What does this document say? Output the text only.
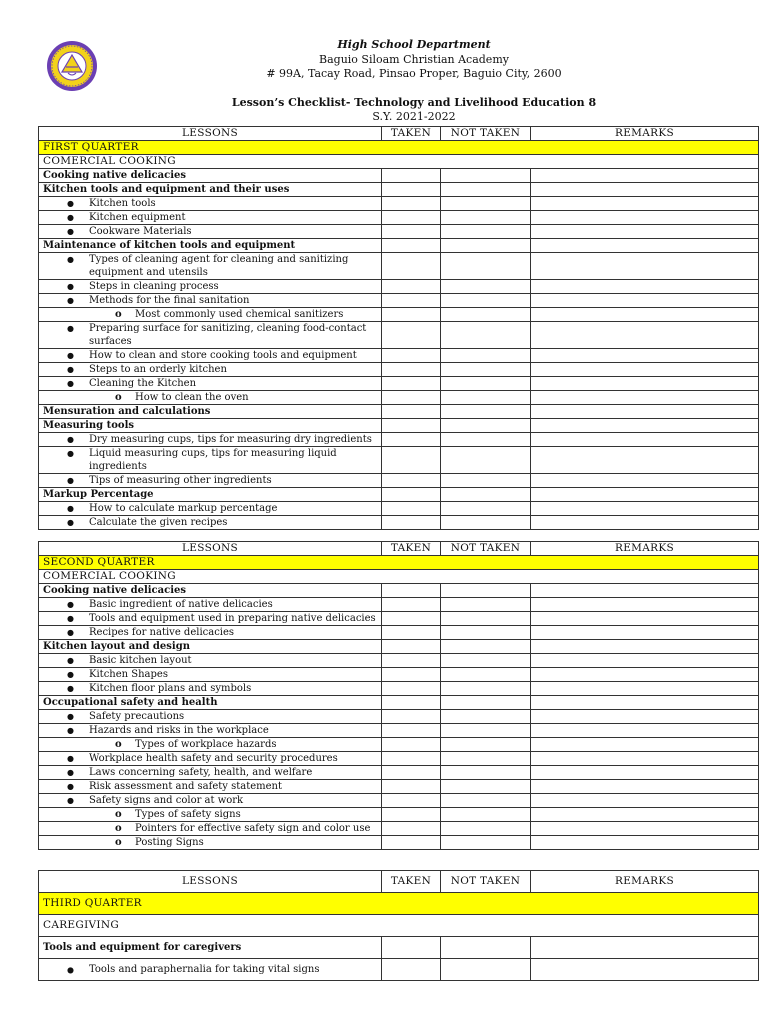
High School Department
Baguio Siloam Christian Academy
# 99A, Tacay Road, Pinsao Proper, Baguio City, 2600
Lesson’s Checklist- Technology and Livelihood Education 8
S.Y. 2021-2022
LESSONS	TAKEN	NOT TAKEN	REMARKS
FIRST QUARTER			
COMERCIAL COOKING			
Cooking native delicacies			
Kitchen tools and equipment and their uses			

● Kitchen tools			

● Kitchen equipment			

● Cookware Materials			
Maintenance of kitchen tools and equipment			

● Types of cleaning agent for cleaning and sanitizing equipment and utensils			

● Steps in cleaning process			

● Methods for the final sanitation			

o Most commonly used chemical sanitizers			

● Preparing surface for sanitizing, cleaning food-contact surfaces			

● How to clean and store cooking tools and equipment			

● Steps to an orderly kitchen			

● Cleaning the Kitchen			

o How to clean the oven			
Mensuration and calculations			
Measuring tools			

● Dry measuring cups, tips for measuring dry ingredients			

● Liquid measuring cups, tips for measuring liquid ingredients			

● Tips of measuring other ingredients			
Markup Percentage			

● How to calculate markup percentage			

● Calculate the given recipes			
LESSONS	TAKEN	NOT TAKEN	REMARKS
SECOND QUARTER			
COMERCIAL COOKING			
Cooking native delicacies			

● Basic ingredient of native delicacies			

● Tools and equipment used in preparing native delicacies			

● Recipes for native delicacies			
Kitchen layout and design			

● Basic kitchen layout			

● Kitchen Shapes			

● Kitchen floor plans and symbols			
Occupational safety and health			

● Safety precautions			

● Hazards and risks in the workplace			

o Types of workplace hazards			

● Workplace health safety and security procedures			

● Laws concerning safety, health, and welfare			

● Risk assessment and safety statement			

● Safety signs and color at work			

o Types of safety signs			

o Pointers for effective safety sign and color use			

o Posting Signs			
LESSONS	TAKEN	NOT TAKEN	REMARKS
THIRD QUARTER			
CAREGIVING			
Tools and equipment for caregivers			

● Tools and paraphernalia for taking vital signs			
